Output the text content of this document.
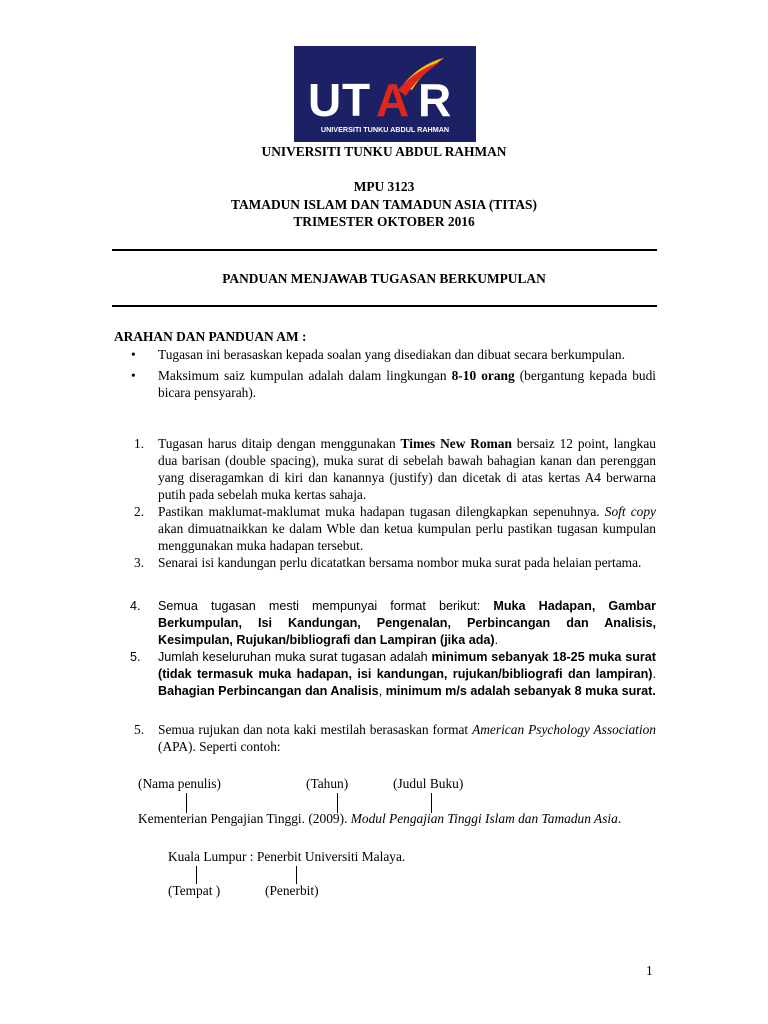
U T A R
UNIVERSITI TUNKU ABDUL RAHMAN
UNIVERSITI TUNKU ABDUL RAHMAN
MPU 3123
TAMADUN ISLAM DAN TAMADUN ASIA (TITAS)
TRIMESTER OKTOBER 2016
PANDUAN MENJAWAB TUGASAN BERKUMPULAN
ARAHAN DAN PANDUAN AM :
• Tugasan ini berasaskan kepada soalan yang disediakan dan dibuat secara berkumpulan.
• Maksimum saiz kumpulan adalah dalam lingkungan 8-10 orang (bergantung kepada budi bicara pensyarah).
1. Tugasan harus ditaip dengan menggunakan Times New Roman bersaiz 12 point, langkau dua barisan (double spacing), muka surat di sebelah bawah bahagian kanan dan perenggan yang diseragamkan di kiri dan kanannya (justify) dan dicetak di atas kertas A4 berwarna putih pada sebelah muka kertas sahaja.
2. Pastikan maklumat-maklumat muka hadapan tugasan dilengkapkan sepenuhnya. Soft copy akan dimuatnaikkan ke dalam Wble dan ketua kumpulan perlu pastikan tugasan kumpulan menggunakan muka hadapan tersebut.
3. Senarai isi kandungan perlu dicatatkan bersama nombor muka surat pada helaian pertama.
4. Semua tugasan mesti mempunyai format berikut: Muka Hadapan, Gambar Berkumpulan, Isi Kandungan, Pengenalan, Perbincangan dan Analisis, Kesimpulan, Rujukan/bibliografi dan Lampiran (jika ada).
5. Jumlah keseluruhan muka surat tugasan adalah minimum sebanyak 18-25 muka surat (tidak termasuk muka hadapan, isi kandungan, rujukan/bibliografi dan lampiran). Bahagian Perbincangan dan Analisis, minimum m/s adalah sebanyak 8 muka surat.
5. Semua rujukan dan nota kaki mestilah berasaskan format American Psychology Association (APA). Seperti contoh:
(Nama penulis)	(Tahun)	(Judul Buku)
Kementerian Pengajian Tinggi. (2009). Modul Pengajian Tinggi Islam dan Tamadun Asia.
Kuala Lumpur : Penerbit Universiti Malaya.
(Tempat )	(Penerbit)
1
